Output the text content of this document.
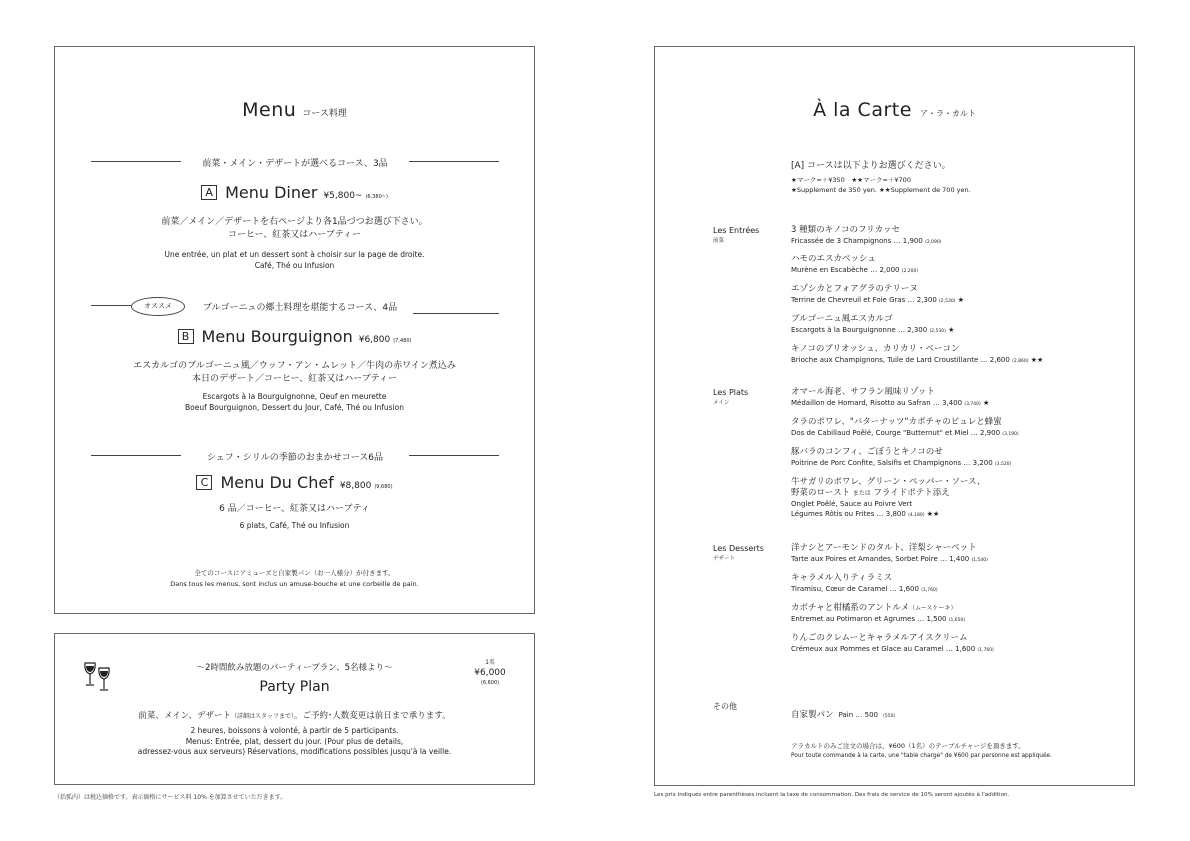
Menu コース料理
前菜・メイン・デザートが選べるコース、3品
A Menu Diner ¥5,800~ (6,380~)
前菜／メイン／デザートを右ページより各1品づつお選び下さい。
コーヒー、紅茶又はハーブティー
Une entrée, un plat et un dessert sont à choisir sur la page de droite.
Café, Thé ou Infusion
オススメ	ブルゴーニュの郷土料理を堪能するコース、4品
B Menu Bourguignon ¥6,800 (7,480)
エスカルゴのブルゴーニュ風／ウッフ・アン・ムレット／牛肉の赤ワイン煮込み
本日のデザート／コーヒー、紅茶又はハーブティー
Escargots à la Bourguignonne, Oeuf en meurette
Boeuf Bourguignon, Dessert du Jour, Café, Thé ou Infusion
シェフ・シリルの季節のおまかせコース6品
C Menu Du Chef ¥8,800 (9,680)
6 品／コーヒー、紅茶又はハーブティ
6 plats, Café, Thé ou Infusion
全てのコースにアミューズと自家製パン（お一人様分）が付きます。
Dans tous les menus, sont inclus un amuse-bouche et une corbeille de pain.
～2時間飲み放題のパーティープラン、5名様より～
Party Plan
1名
¥6,000
(6,600)
前菜、メイン、デザート（詳細はスタッフまで）。ご予約･人数変更は前日まで承ります。
2 heures, boissons à volonté, à partir de 5 participants.
Menus: Entrée, plat, dessert du jour. (Pour plus de details,
adressez-vous aux serveurs) Réservations, modifications possibles jusqu'à la veille.
（括弧内）は税込価格です。表示価格にサービス料 10% を加算させていただきます。
À la Carte ア・ラ・カルト
[A] コースは以下よりお選びください。
★マーク=＋¥350　★★マーク=＋¥700
★Supplement de 350 yen. ★★Supplement de 700 yen.
Les Entrées
前菜
3 種類のキノコのフリカッセ
Fricassée de 3 Champignons … 1,900 (2,090)
ハモのエスカベッシュ
Murène en Escabèche … 2,000 (2,200)
エゾシカとフォアグラのテリーヌ
Terrine de Chevreuil et Foie Gras … 2,300 (2,530) ★
ブルゴーニュ風エスカルゴ
Escargots à la Bourguignonne … 2,300 (2,530) ★
キノコのブリオッシュ、カリカリ・ベーコン
Brioche aux Champignons, Tuile de Lard Croustillante … 2,600 (2,860) ★★
Les Plats
メイン
オマール海老、サフラン風味リゾット
Médaillon de Homard, Risotto au Safran … 3,400 (3,740) ★
タラのポワレ、"バターナッツ"カボチャのピュレと蜂蜜
Dos de Cabillaud Poêlé, Courge "Butternut" et Miel … 2,900 (3,190)
豚バラのコンフィ、ごぼうとキノコのせ
Poitrine de Porc Confite, Salsifis et Champignons … 3,200 (3,520)
牛サガリのポワレ、グリーン・ペッパー・ソース、
野菜のロースト または フライドポテト添え
Onglet Poêlé, Sauce au Poivre Vert
Légumes Rôtis ou Frites … 3,800 (4,180) ★★
Les Desserts
デザート
洋ナシとアーモンドのタルト、洋梨シャーベット
Tarte aux Poires et Amandes, Sorbet Poire … 1,400 (1,540)
キャラメル入りティラミス
Tiramisu, Cœur de Caramel … 1,600 (1,760)
カボチャと柑橘系のアントルメ（ムースケーキ）
Entremet au Potimaron et Agrumes … 1,500 (1,650)
りんごのクレムーとキャラメルアイスクリーム
Crémeux aux Pommes et Glace au Caramel … 1,600 (1,760)
その他
自家製パン Pain … 500 (550)
アラカルトのみご注文の場合は、¥600（1名）のテーブルチャージを頂きます。
Pour toute commande à la carte, une "table charge" de ¥600 par personne est appliquée.
Les prix indiqués entre parenthèses incluent la taxe de consommation. Des frais de service de 10% seront ajoutés à l'addition.
